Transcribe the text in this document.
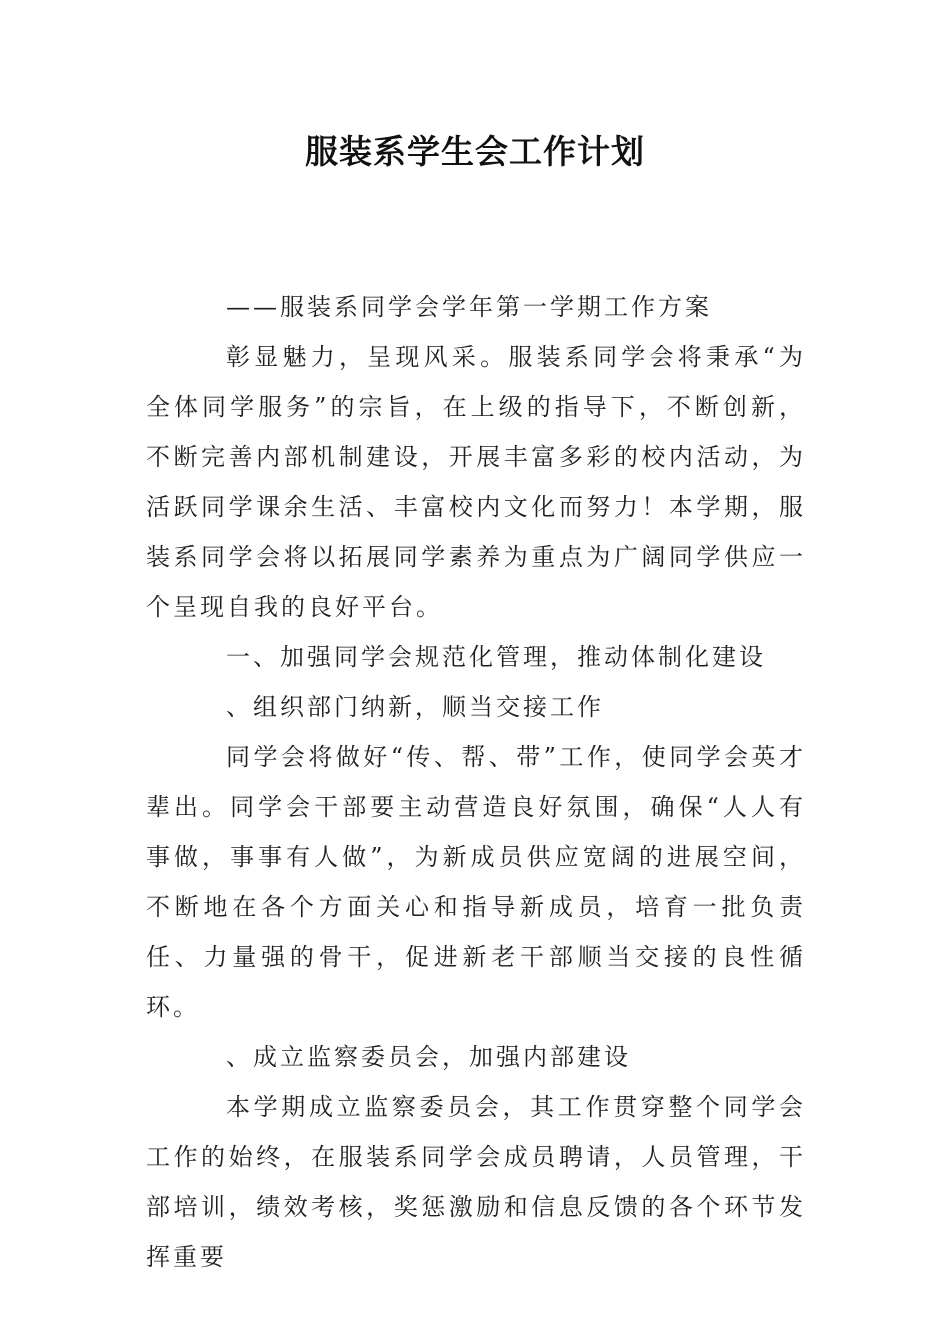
服装系学生会工作计划

——服装系同学会学年第一学期工作方案

彰显魅力，呈现风采。服装系同学会将秉承“为全体同学服务”的宗旨，在上级的指导下，不断创新，不断完善内部机制建设，开展丰富多彩的校内活动，为活跃同学课余生活、丰富校内文化而努力！本学期，服装系同学会将以拓展同学素养为重点为广阔同学供应一个呈现自我的良好平台。

一、加强同学会规范化管理，推动体制化建设

、组织部门纳新，顺当交接工作

同学会将做好“传、帮、带”工作，使同学会英才辈出。同学会干部要主动营造良好氛围，确保“人人有事做，事事有人做”，为新成员供应宽阔的进展空间，不断地在各个方面关心和指导新成员，培育一批负责任、力量强的骨干，促进新老干部顺当交接的良性循环。

、成立监察委员会，加强内部建设

本学期成立监察委员会，其工作贯穿整个同学会工作的始终，在服装系同学会成员聘请，人员管理，干部培训，绩效考核，奖惩激励和信息反馈的各个环节发挥重要
